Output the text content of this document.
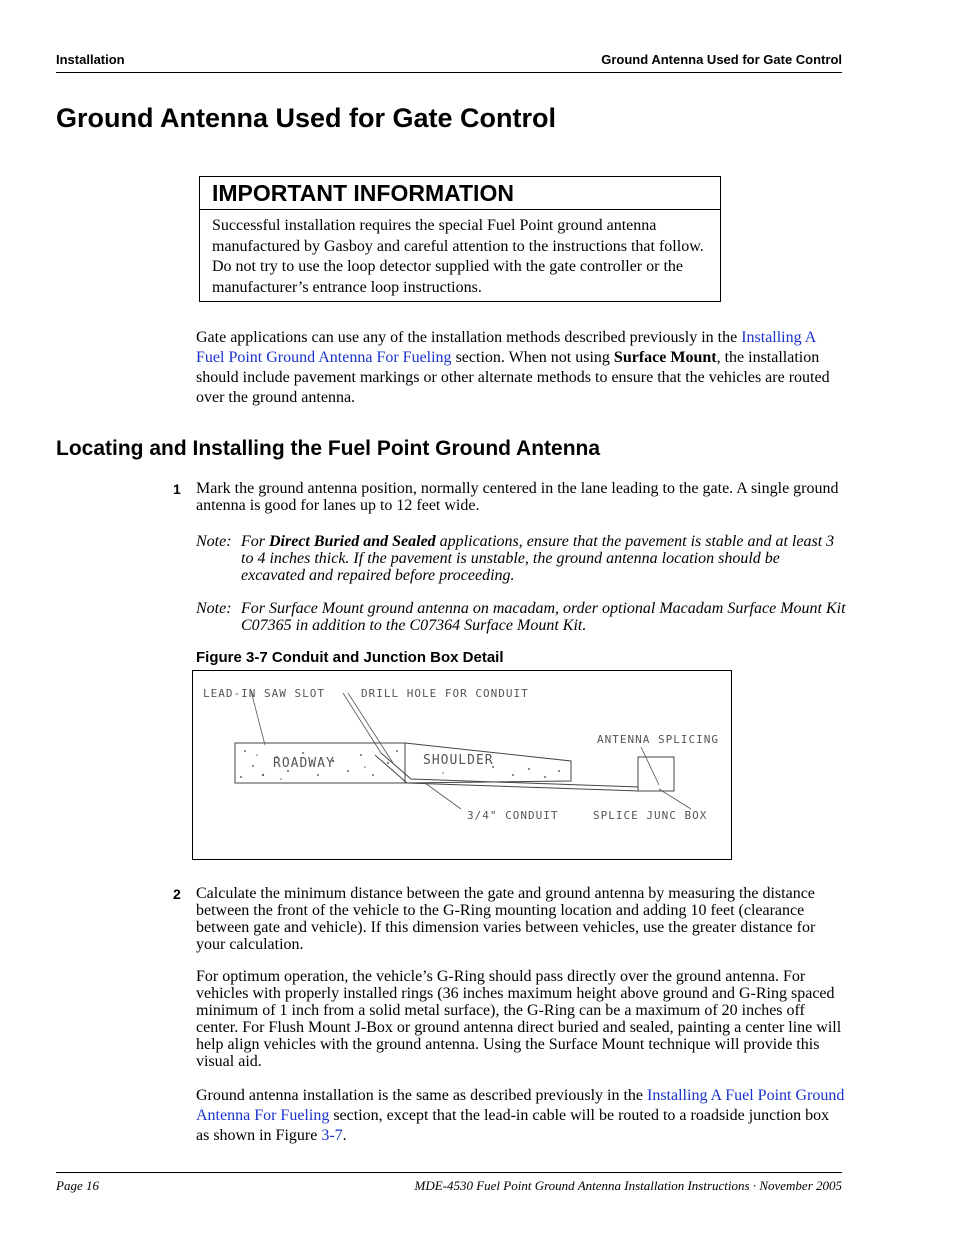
Installation	Ground Antenna Used for Gate Control
Ground Antenna Used for Gate Control
IMPORTANT INFORMATION
Successful installation requires the special Fuel Point ground antenna manufactured by Gasboy and careful attention to the instructions that follow. Do not try to use the loop detector supplied with the gate controller or the manufacturer’s entrance loop instructions.
Gate applications can use any of the installation methods described previously in the Installing A Fuel Point Ground Antenna For Fueling section. When not using Surface Mount, the installation should include pavement markings or other alternate methods to ensure that the vehicles are routed over the ground antenna.
Locating and Installing the Fuel Point Ground Antenna
1 Mark the ground antenna position, normally centered in the lane leading to the gate. A single ground antenna is good for lanes up to 12 feet wide.
Note: For Direct Buried and Sealed applications, ensure that the pavement is stable and at least 3 to 4 inches thick. If the pavement is unstable, the ground antenna location should be excavated and repaired before proceeding.
Note: For Surface Mount ground antenna on macadam, order optional Macadam Surface Mount Kit C07365 in addition to the C07364 Surface Mount Kit.
Figure 3-7 Conduit and Junction Box Detail
LEAD-IN SAW SLOT	DRILL HOLE FOR CONDUIT
ANTENNA SPLICING
ROADWAY	SHOULDER
3/4" CONDUIT	SPLICE JUNC BOX
2 Calculate the minimum distance between the gate and ground antenna by measuring the distance between the front of the vehicle to the G-Ring mounting location and adding 10 feet (clearance between gate and vehicle). If this dimension varies between vehicles, use the greater distance for your calculation.
For optimum operation, the vehicle’s G-Ring should pass directly over the ground antenna. For vehicles with properly installed rings (36 inches maximum height above ground and G-Ring spaced minimum of 1 inch from a solid metal surface), the G-Ring can be a maximum of 20 inches off center. For Flush Mount J-Box or ground antenna direct buried and sealed, painting a center line will help align vehicles with the ground antenna. Using the Surface Mount technique will provide this visual aid.
Ground antenna installation is the same as described previously in the Installing A Fuel Point Ground Antenna For Fueling section, except that the lead-in cable will be routed to a roadside junction box as shown in Figure 3-7.
Page 16	MDE-4530 Fuel Point Ground Antenna Installation Instructions · November 2005
